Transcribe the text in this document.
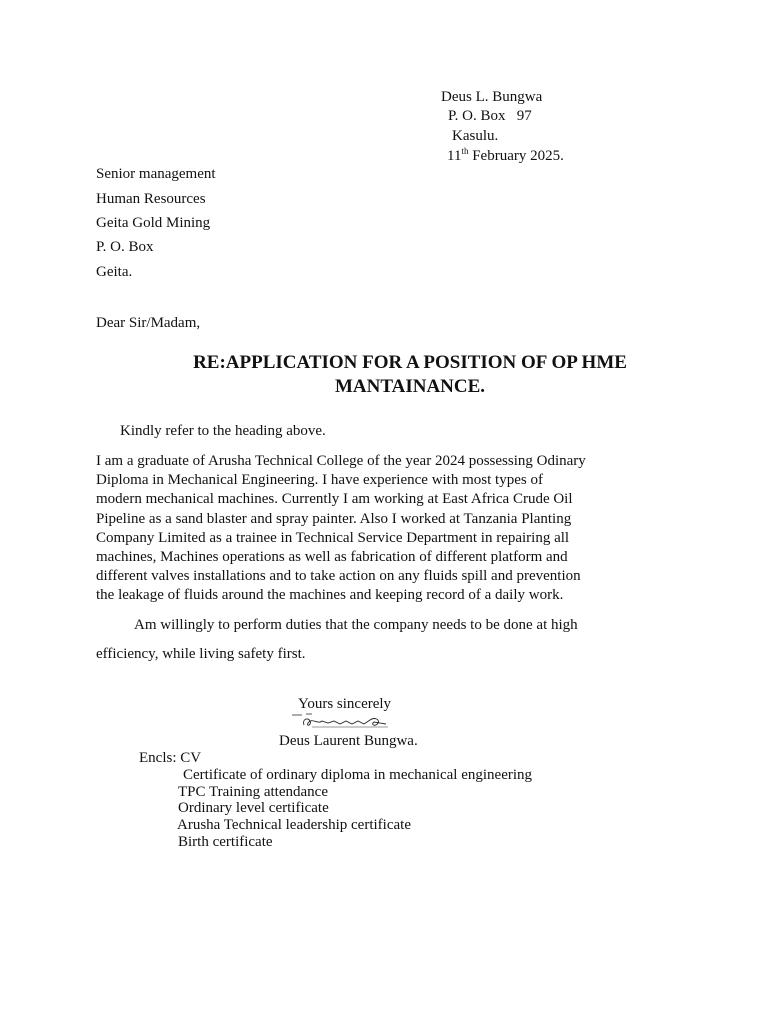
Deus L. Bungwa
P. O. Box   97
Kasulu.
11th February 2025.
Senior management
Human Resources
Geita Gold Mining
P. O. Box
Geita.
Dear Sir/Madam,
RE:APPLICATION FOR A POSITION OF OP HME
MANTAINANCE.
Kindly refer to the heading above.
I am a graduate of Arusha Technical College of the year 2024 possessing Odinary
Diploma in Mechanical Engineering. I have experience with most types of
modern mechanical machines. Currently I am working at East Africa Crude Oil
Pipeline as a sand blaster and spray painter. Also I worked at Tanzania Planting
Company Limited as a trainee in Technical Service Department in repairing all
machines, Machines operations as well as fabrication of different platform and
different valves installations and to take action on any fluids spill and prevention
the leakage of fluids around the machines and keeping record of a daily work.
Am willingly to perform duties that the company needs to be done at high
efficiency, while living safety first.
Yours sincerely
Deus Laurent Bungwa.
Encls: CV
Certificate of ordinary diploma in mechanical engineering
TPC Training attendance
Ordinary level certificate
Arusha Technical leadership certificate
Birth certificate
